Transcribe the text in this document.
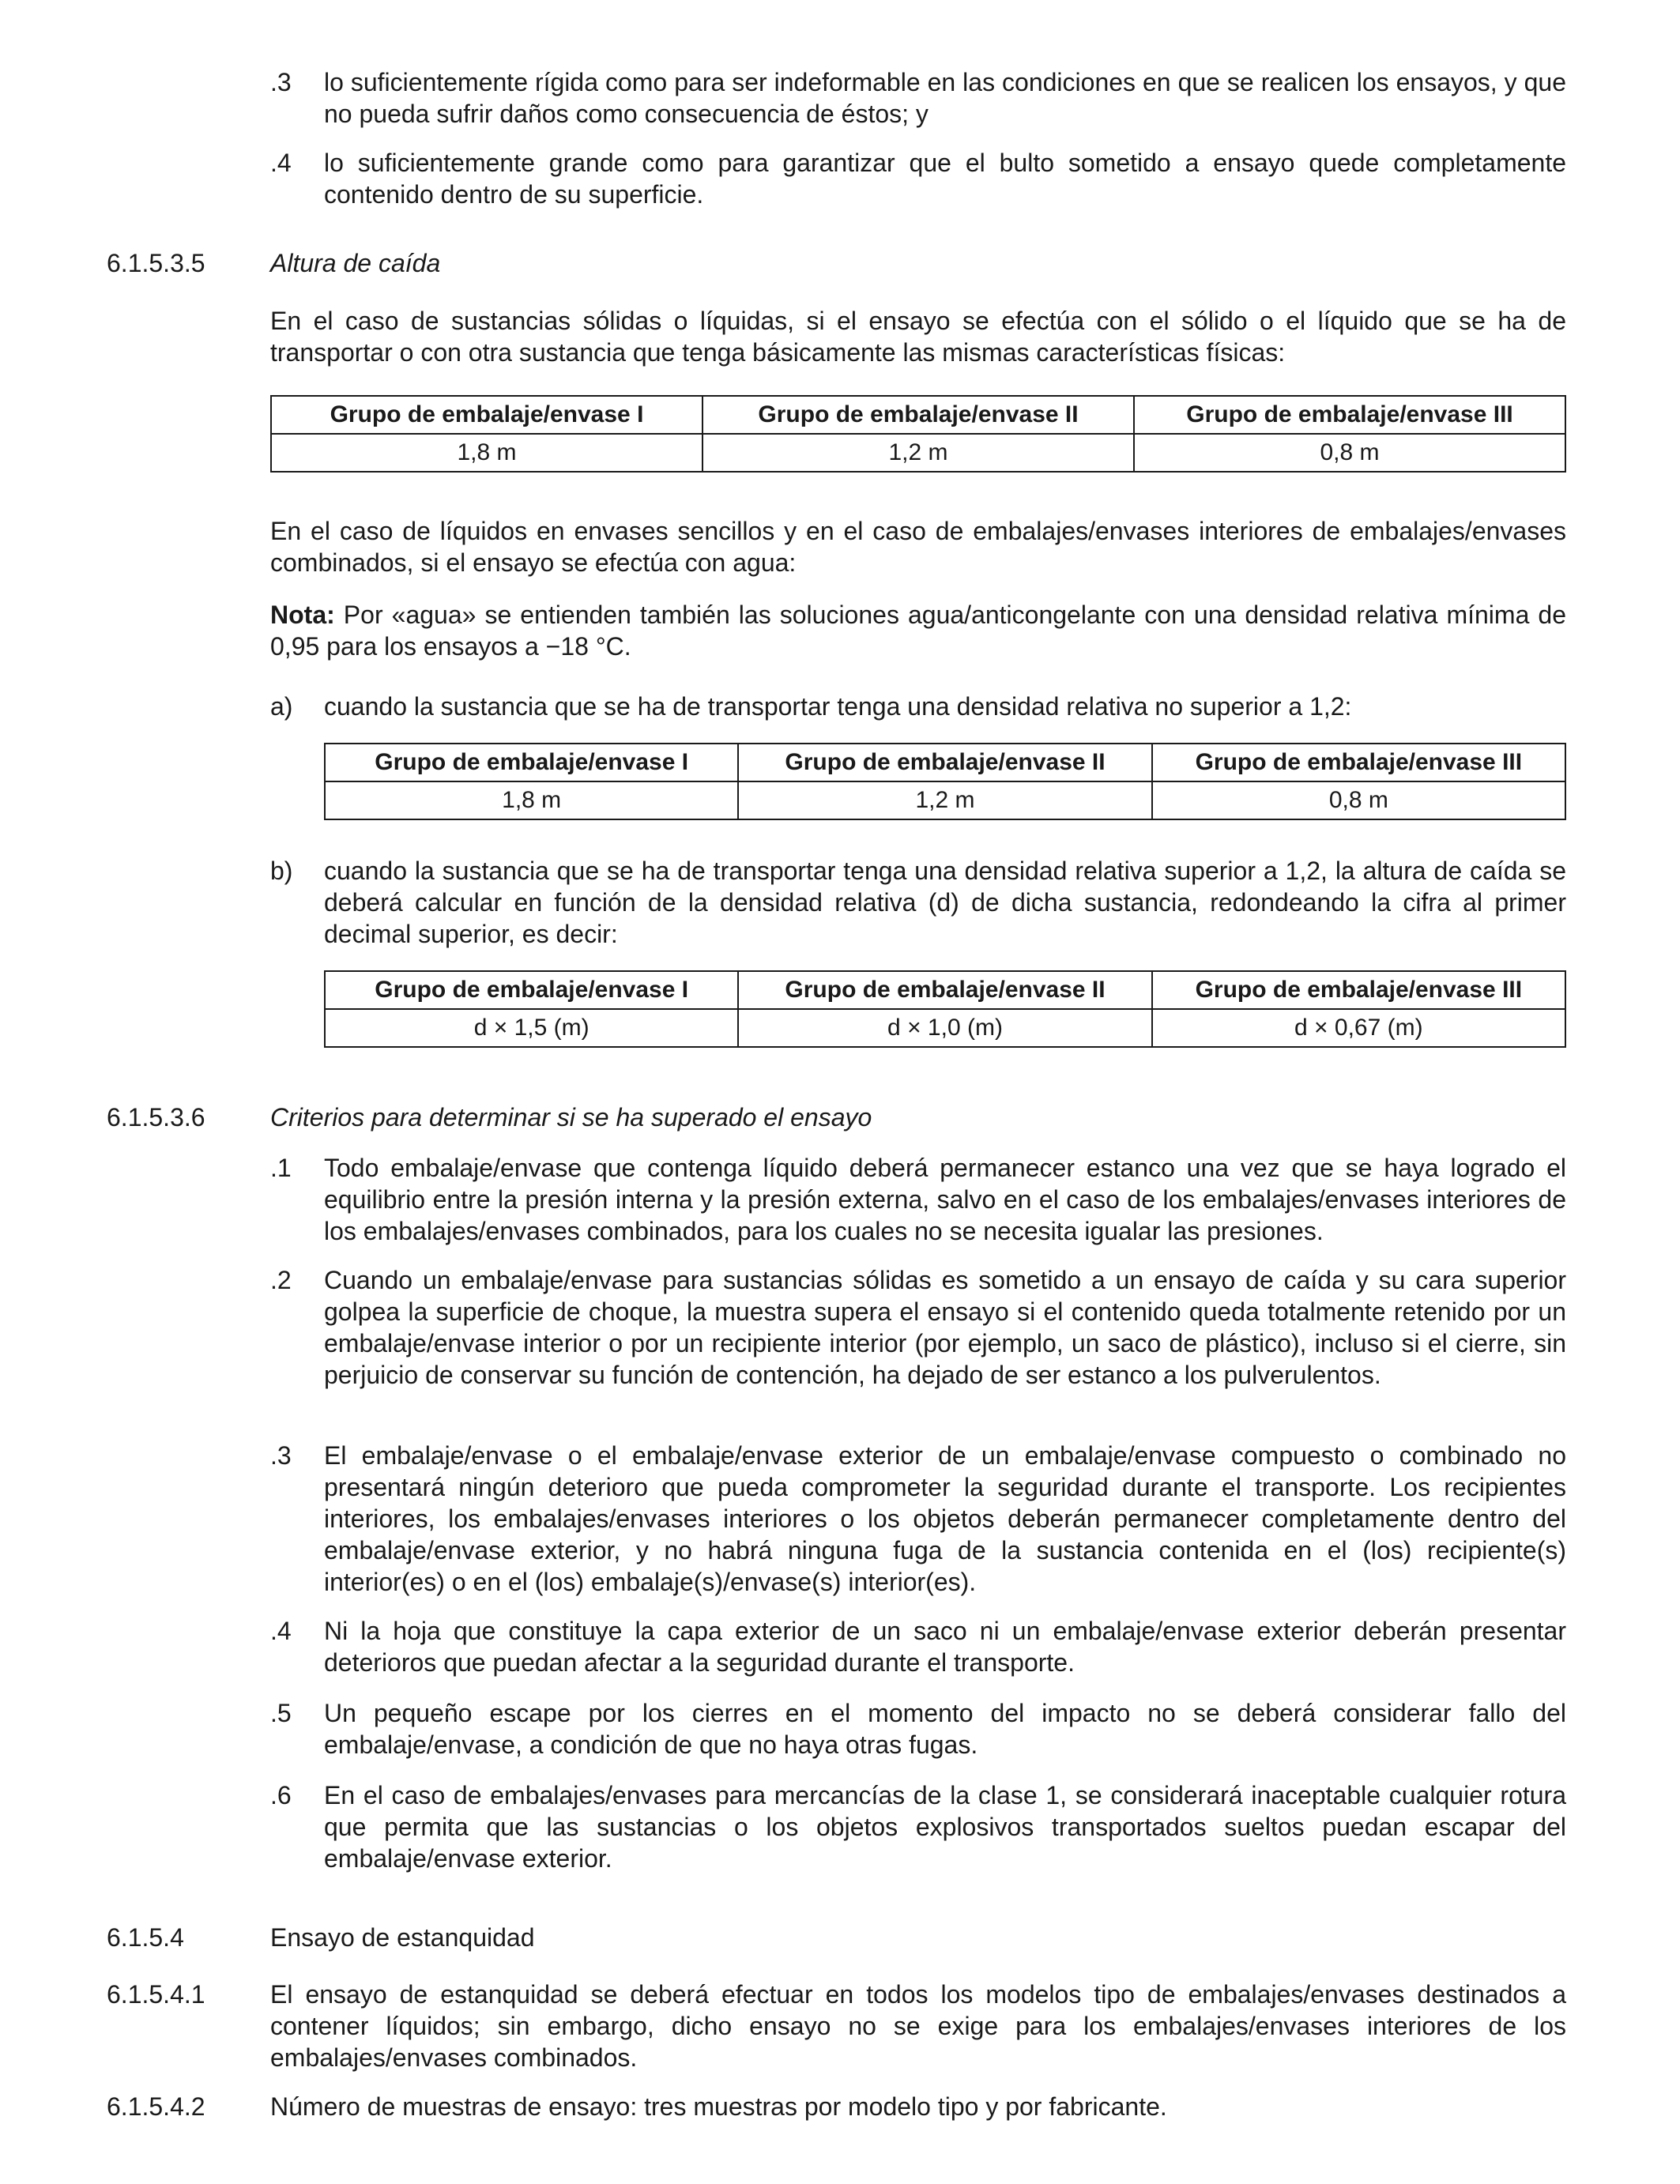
.3 lo suficientemente rígida como para ser indeformable en las condiciones en que se realicen los ensayos, y que no pueda sufrir daños como consecuencia de éstos; y
.4 lo suficientemente grande como para garantizar que el bulto sometido a ensayo quede completamente contenido dentro de su superficie.
6.1.5.3.5	Altura de caída
En el caso de sustancias sólidas o líquidas, si el ensayo se efectúa con el sólido o el líquido que se ha de transportar o con otra sustancia que tenga básicamente las mismas características físicas:
Grupo de embalaje/envase I	Grupo de embalaje/envase II	Grupo de embalaje/envase III
1,8 m	1,2 m	0,8 m
En el caso de líquidos en envases sencillos y en el caso de embalajes/envases interiores de embalajes/envases combinados, si el ensayo se efectúa con agua:
Nota: Por «agua» se entienden también las soluciones agua/anticongelante con una densidad relativa mínima de 0,95 para los ensayos a −18 °C.
a) cuando la sustancia que se ha de transportar tenga una densidad relativa no superior a 1,2:
Grupo de embalaje/envase I	Grupo de embalaje/envase II	Grupo de embalaje/envase III
1,8 m	1,2 m	0,8 m
b) cuando la sustancia que se ha de transportar tenga una densidad relativa superior a 1,2, la altura de caída se deberá calcular en función de la densidad relativa (d) de dicha sustancia, redondeando la cifra al primer decimal superior, es decir:
Grupo de embalaje/envase I	Grupo de embalaje/envase II	Grupo de embalaje/envase III
d × 1,5 (m)	d × 1,0 (m)	d × 0,67 (m)
6.1.5.3.6	Criterios para determinar si se ha superado el ensayo
.1 Todo embalaje/envase que contenga líquido deberá permanecer estanco una vez que se haya logrado el equilibrio entre la presión interna y la presión externa, salvo en el caso de los embalajes/envases interiores de los embalajes/envases combinados, para los cuales no se necesita igualar las presiones.
.2 Cuando un embalaje/envase para sustancias sólidas es sometido a un ensayo de caída y su cara superior golpea la superficie de choque, la muestra supera el ensayo si el contenido queda totalmente retenido por un embalaje/envase interior o por un recipiente interior (por ejemplo, un saco de plástico), incluso si el cierre, sin perjuicio de conservar su función de contención, ha dejado de ser estanco a los pulverulentos.
.3 El embalaje/envase o el embalaje/envase exterior de un embalaje/envase compuesto o combinado no presentará ningún deterioro que pueda comprometer la seguridad durante el transporte. Los recipientes interiores, los embalajes/envases interiores o los objetos deberán permanecer completamente dentro del embalaje/envase exterior, y no habrá ninguna fuga de la sustancia contenida en el (los) recipiente(s) interior(es) o en el (los) embalaje(s)/envase(s) interior(es).
.4 Ni la hoja que constituye la capa exterior de un saco ni un embalaje/envase exterior deberán presentar deterioros que puedan afectar a la seguridad durante el transporte.
.5 Un pequeño escape por los cierres en el momento del impacto no se deberá considerar fallo del embalaje/envase, a condición de que no haya otras fugas.
.6 En el caso de embalajes/envases para mercancías de la clase 1, se considerará inaceptable cualquier rotura que permita que las sustancias o los objetos explosivos transportados sueltos puedan escapar del embalaje/envase exterior.
6.1.5.4	Ensayo de estanquidad
6.1.5.4.1	El ensayo de estanquidad se deberá efectuar en todos los modelos tipo de embalajes/envases destinados a contener líquidos; sin embargo, dicho ensayo no se exige para los embalajes/envases interiores de los embalajes/envases combinados.
6.1.5.4.2	Número de muestras de ensayo: tres muestras por modelo tipo y por fabricante.
